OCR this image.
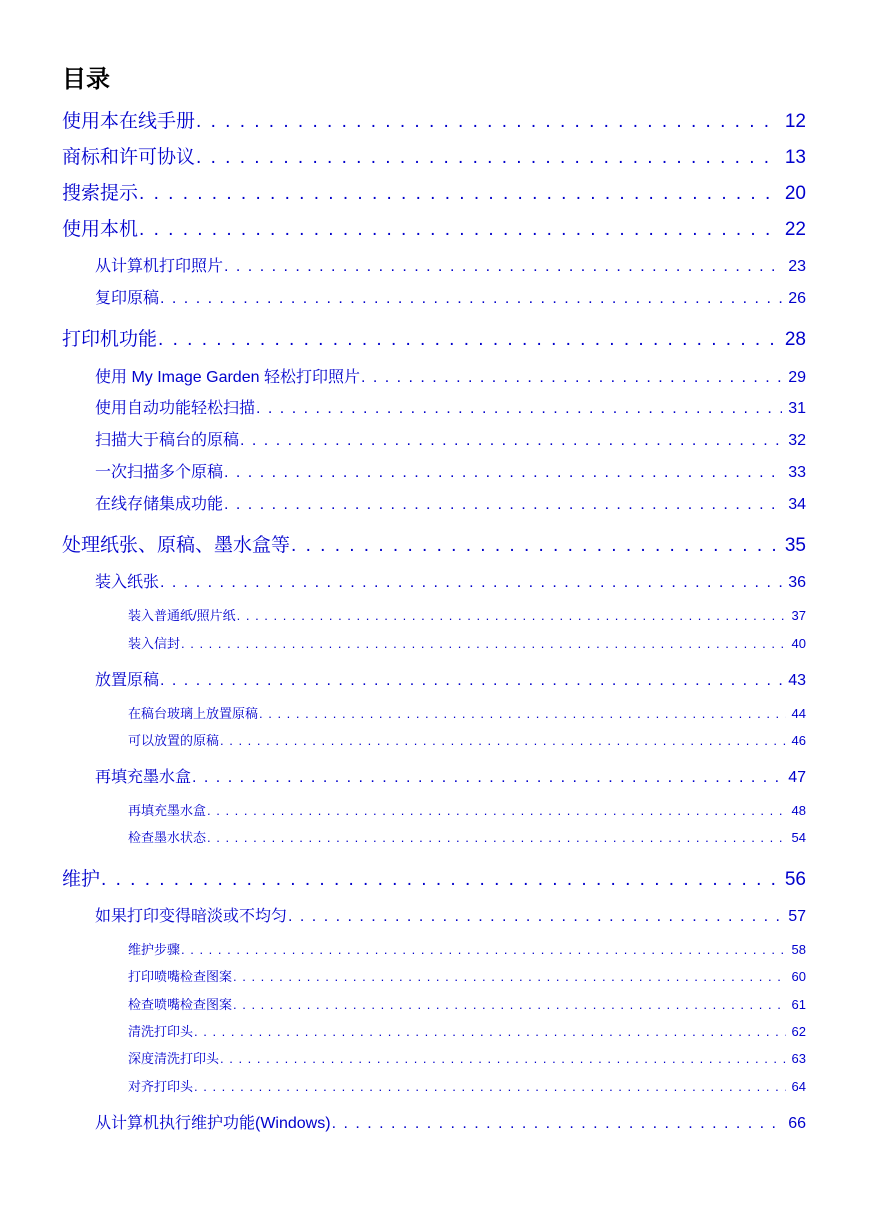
目录
使用本在线手册 . . .	12
商标和许可协议 . . .	13
搜索提示 . . .	20
使用本机 . . .	22
从计算机打印照片 . . .	23
复印原稿 . . .	26
打印机功能 . . .	28
使用 My Image Garden 轻松打印照片 . . .	29
使用自动功能轻松扫描 . . .	31
扫描大于稿台的原稿 . . .	32
一次扫描多个原稿 . . .	33
在线存储集成功能 . . .	34
处理纸张、原稿、墨水盒等 . . .	35
装入纸张 . . .	36
装入普通纸/照片纸 . . .	37
装入信封 . . .	40
放置原稿 . . .	43
在稿台玻璃上放置原稿 . . .	44
可以放置的原稿 . . .	46
再填充墨水盒 . . .	47
再填充墨水盒 . . .	48
检查墨水状态 . . .	54
维护 . . .	56
如果打印变得暗淡或不均匀 . . .	57
维护步骤 . . .	58
打印喷嘴检查图案 . . .	60
检查喷嘴检查图案 . . .	61
清洗打印头 . . .	62
深度清洗打印头 . . .	63
对齐打印头 . . .	64
从计算机执行维护功能(Windows) . . .	66
